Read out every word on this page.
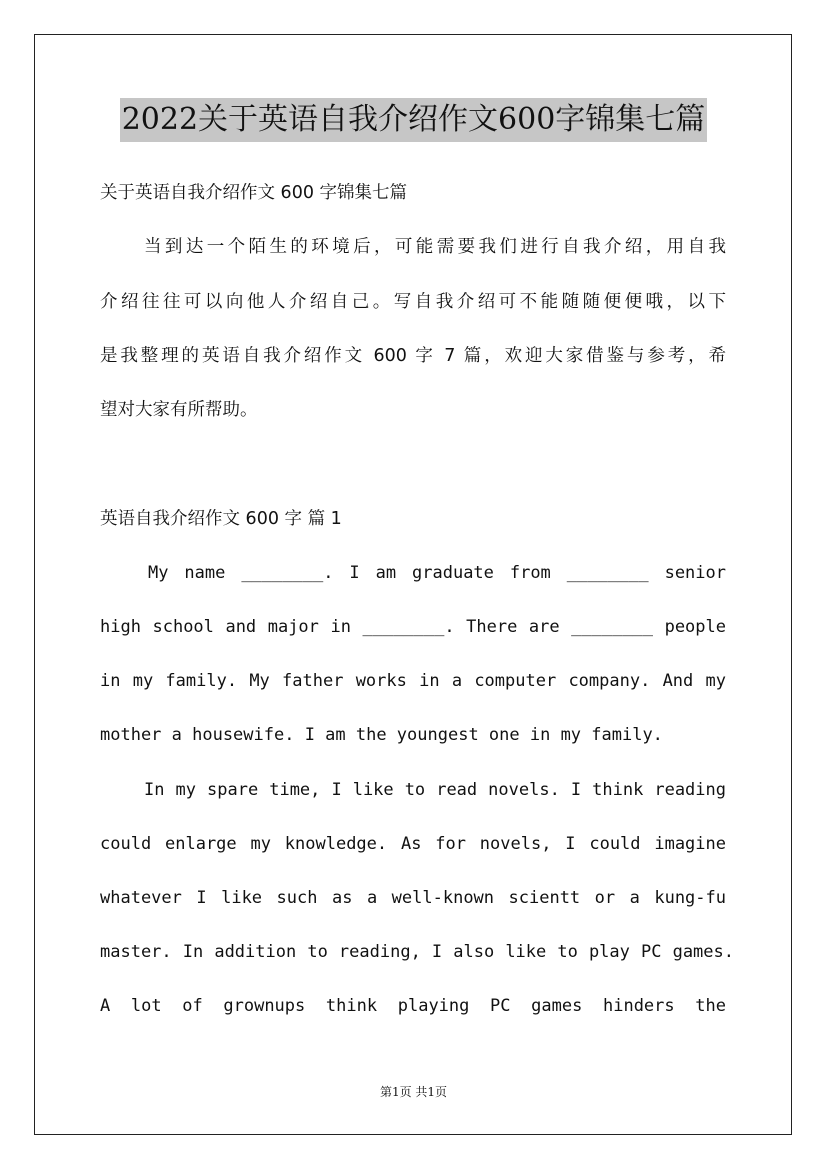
2022关于英语自我介绍作文600字锦集七篇
关于英语自我介绍作文 600 字锦集七篇
当到达一个陌生的环境后，可能需要我们进行自我介绍，用自我
介绍往往可以向他人介绍自己。写自我介绍可不能随随便便哦，以下
是我整理的英语自我介绍作文 600 字 7 篇，欢迎大家借鉴与参考，希
望对大家有所帮助。
英语自我介绍作文 600 字 篇 1
My name ________. I am graduate from ________ senior
high school and major in ________. There are ________ people
in my family. My father works in a computer company. And my
mother a housewife. I am the youngest one in my family.
In my spare time, I like to read novels. I think reading
could enlarge my knowledge. As for novels, I could imagine
whatever I like such as a well-known scientt or a kung-fu
master. In addition to reading, I also like to play PC games.
A lot of grownups think playing PC games hinders the
第1页 共1页
